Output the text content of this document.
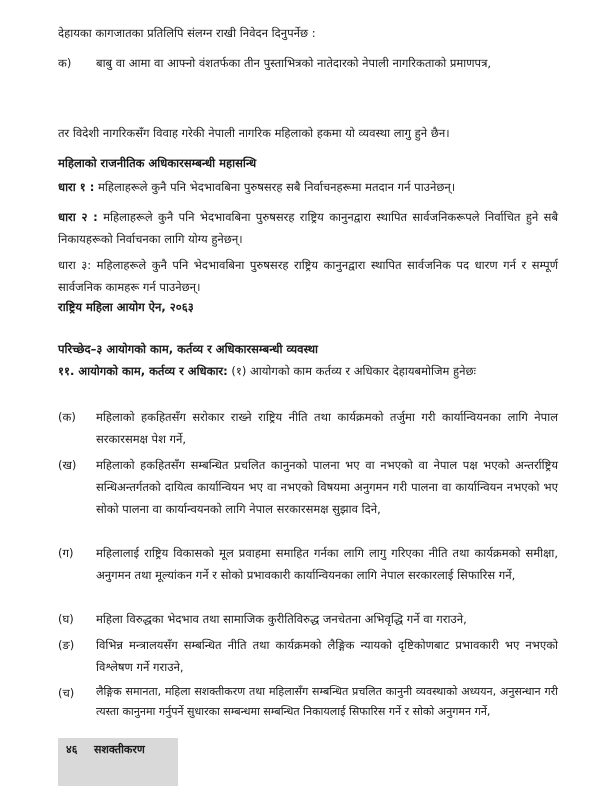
देहायका कागजातका प्रतिलिपि संलग्न राखी निवेदन दिनुपर्नेछ :
क) बाबु वा आमा वा आफ्नो वंशतर्फका तीन पुस्ताभित्रको नातेदारको नेपाली नागरिकताको प्रमाणपत्र,
तर विदेशी नागरिकसँग विवाह गरेकी नेपाली नागरिक महिलाको हकमा यो व्यवस्था लागु हुने छैन।
महिलाको राजनीतिक अधिकारसम्बन्धी महासन्धि
धारा १ : महिलाहरूले कुनै पनि भेदभावबिना पुरुषसरह सबै निर्वाचनहरूमा मतदान गर्न पाउनेछन्।
धारा २ : महिलाहरूले कुनै पनि भेदभावबिना पुरुषसरह राष्ट्रिय कानुनद्वारा स्थापित सार्वजनिकरूपले निर्वाचित हुने सबै निकायहरूको निर्वाचनका लागि योग्य हुनेछन्।
धारा ३: महिलाहरूले कुनै पनि भेदभावबिना पुरुषसरह राष्ट्रिय कानुनद्वारा स्थापित सार्वजनिक पद धारण गर्न र सम्पूर्ण सार्वजनिक कामहरू गर्न पाउनेछन्।
राष्ट्रिय महिला आयोग ऐन, २०६३
परिच्छेद–३ आयोगको काम, कर्तव्य र अधिकारसम्बन्धी व्यवस्था
११. आयोगको काम, कर्तव्य र अधिकार: (१) आयोगको काम कर्तव्य र अधिकार देहायबमोजिम हुनेछः
(क) महिलाको हकहितसँग सरोकार राख्ने राष्ट्रिय नीति तथा कार्यक्रमको तर्जुमा गरी कार्यान्वियनका लागि नेपाल सरकारसमक्ष पेश गर्ने,
(ख) महिलाको हकहितसँग सम्बन्धित प्रचलित कानुनको पालना भए वा नभएको वा नेपाल पक्ष भएको अन्तर्राष्ट्रिय सन्धिअन्तर्गतको दायित्व कार्यान्वियन भए वा नभएको विषयमा अनुगमन गरी पालना वा कार्यान्वियन नभएको भए सोको पालना वा कार्यान्वयनको लागि नेपाल सरकारसमक्ष सुझाव दिने,
(ग) महिलालाई राष्ट्रिय विकासको मूल प्रवाहमा समाहित गर्नका लागि लागु गरिएका नीति तथा कार्यक्रमको समीक्षा, अनुगमन तथा मूल्यांकन गर्ने र सोको प्रभावकारी कार्यान्वियनका लागि नेपाल सरकारलाई सिफारिस गर्ने,
(घ) महिला विरुद्धका भेदभाव तथा सामाजिक कुरीतिविरुद्ध जनचेतना अभिवृद्धि गर्ने वा गराउने,
(ङ) विभिन्न मन्त्रालयसँग सम्बन्धित नीति तथा कार्यक्रमको लैङ्गिक न्यायको दृष्टिकोणबाट प्रभावकारी भए नभएको विश्लेषण गर्ने गराउने,
(च) लैङ्गिक समानता, महिला सशक्तीकरण तथा महिलासँग सम्बन्धित प्रचलित कानुनी व्यवस्थाको अध्ययन, अनुसन्धान गरी त्यस्ता कानुनमा गर्नुपर्ने सुधारका सम्बन्धमा सम्बन्धित निकायलाई सिफारिस गर्ने र सोको अनुगमन गर्ने,
४६ सशक्तीकरण
